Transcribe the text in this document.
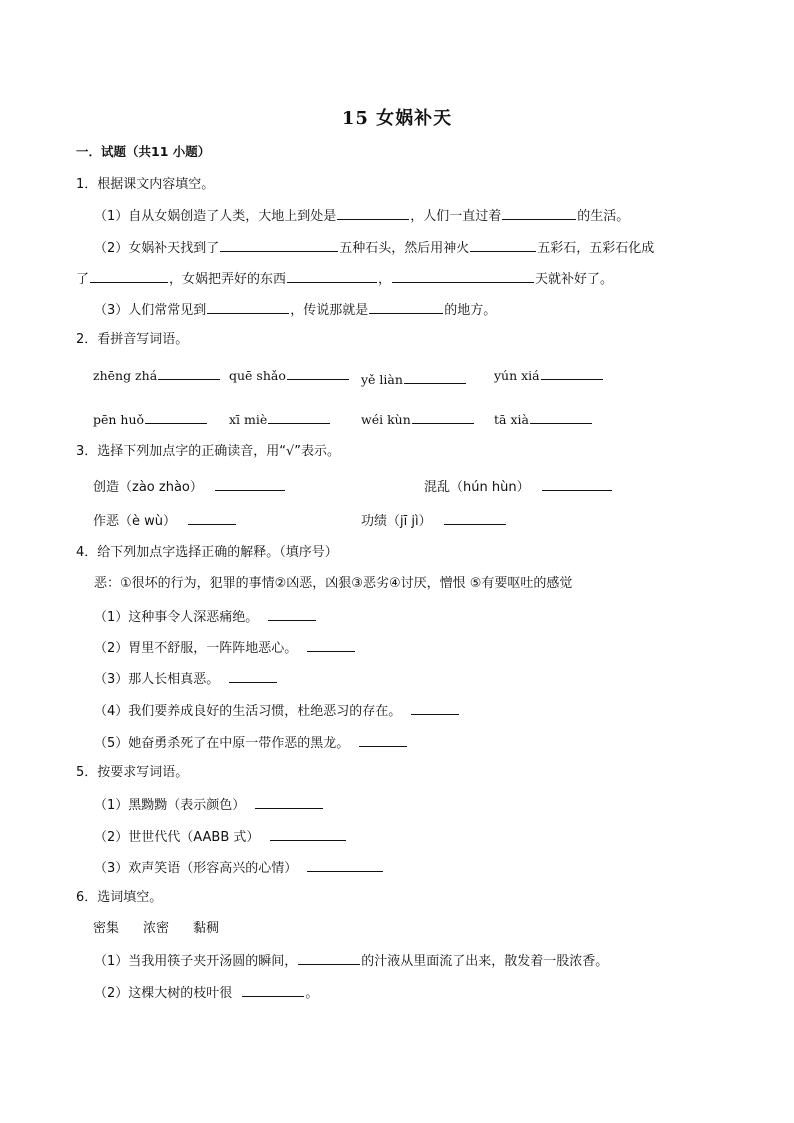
15 女娲补天
一．试题（共11 小题）
1．根据课文内容填空。
（1）自从女娲创造了人类，大地上到处是	，人们一直过着	的生活。
（2）女娲补天找到了	五种石头，然后用神火	五彩石，五彩石化成
了	，女娲把弄好的东西	，	天就补好了。
（3）人们常常见到	，传说那就是	的地方。
2．看拼音写词语。
zhēng zhá	quē shǎo	yě liàn	yún xiá
pēn huǒ	xī miè	wéi kùn	tā xià
3．选择下列加点字的正确读音，用“√”表示。
创造（zào zhào）	混乱（hún hùn）
作恶（è wù）	功绩（jī jì）
4．给下列加点字选择正确的解释。（填序号）
恶：①很坏的行为，犯罪的事情②凶恶，凶狠③恶劣④讨厌，憎恨 ⑤有要呕吐的感觉
（1）这种事令人深恶痛绝。
（2）胃里不舒服，一阵阵地恶心。
（3）那人长相真恶。
（4）我们要养成良好的生活习惯，杜绝恶习的存在。
（5）她奋勇杀死了在中原一带作恶的黑龙。
5．按要求写词语。
（1）黑黝黝（表示颜色）
（2）世世代代（AABB 式）
（3）欢声笑语（形容高兴的心情）
6．选词填空。
密集 浓密 黏稠
（1）当我用筷子夹开汤圆的瞬间，	的汁液从里面流了出来，散发着一股浓香。
（2）这棵大树的枝叶很	。
